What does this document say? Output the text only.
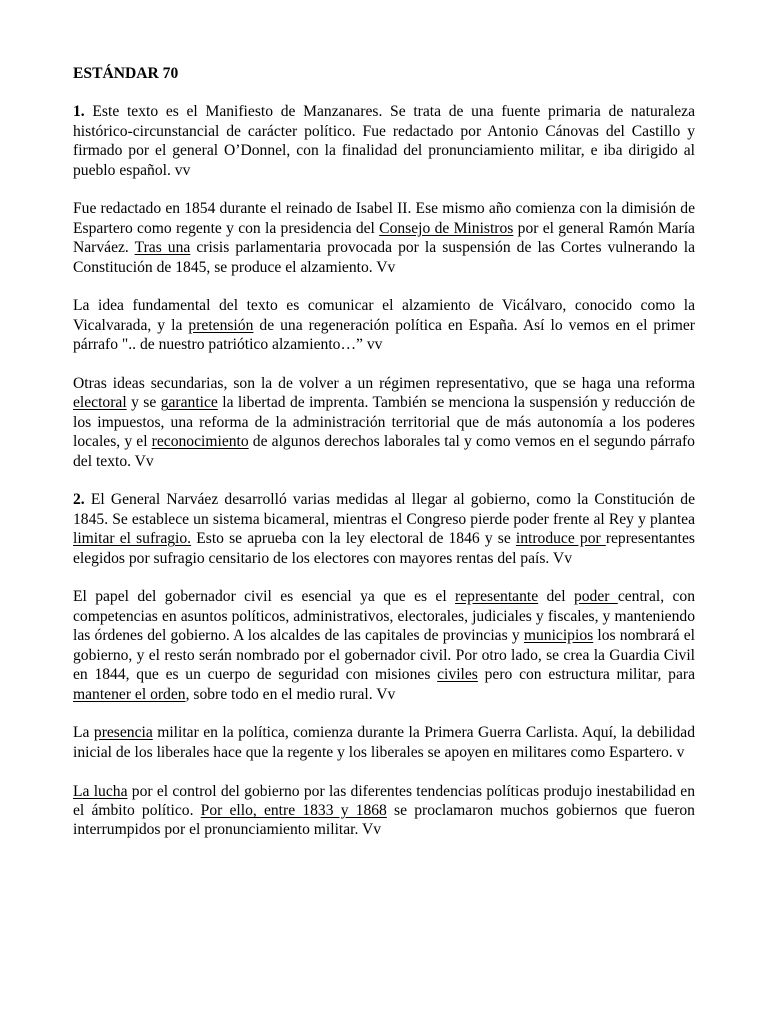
ESTÁNDAR 70

1. Este texto es el Manifiesto de Manzanares. Se trata de una fuente primaria de naturaleza histórico-circunstancial de carácter político. Fue redactado por Antonio Cánovas del Castillo y firmado por el general O’Donnel, con la finalidad del pronunciamiento militar, e iba dirigido al pueblo español. vv

Fue redactado en 1854 durante el reinado de Isabel II. Ese mismo año comienza con la dimisión de Espartero como regente y con la presidencia del Consejo de Ministros por el general Ramón María Narváez. Tras una crisis parlamentaria provocada por la suspensión de las Cortes vulnerando la Constitución de 1845, se produce el alzamiento. Vv

La idea fundamental del texto es comunicar el alzamiento de Vicálvaro, conocido como la Vicalvarada, y la pretensión de una regeneración política en España. Así lo vemos en el primer párrafo ".. de nuestro patriótico alzamiento…” vv

Otras ideas secundarias, son la de volver a un régimen representativo, que se haga una reforma electoral y se garantice la libertad de imprenta. También se menciona la suspensión y reducción de los impuestos, una reforma de la administración territorial que de más autonomía a los poderes locales, y el reconocimiento de algunos derechos laborales tal y como vemos en el segundo párrafo del texto. Vv

2. El General Narváez desarrolló varias medidas al llegar al gobierno, como la Constitución de 1845. Se establece un sistema bicameral, mientras el Congreso pierde poder frente al Rey y plantea limitar el sufragio. Esto se aprueba con la ley electoral de 1846 y se introduce por representantes elegidos por sufragio censitario de los electores con mayores rentas del país. Vv

El papel del gobernador civil es esencial ya que es el representante del poder central, con competencias en asuntos políticos, administrativos, electorales, judiciales y fiscales, y manteniendo las órdenes del gobierno. A los alcaldes de las capitales de provincias y municipios los nombrará el gobierno, y el resto serán nombrado por el gobernador civil. Por otro lado, se crea la Guardia Civil en 1844, que es un cuerpo de seguridad con misiones civiles pero con estructura militar, para mantener el orden, sobre todo en el medio rural. Vv

La presencia militar en la política, comienza durante la Primera Guerra Carlista. Aquí, la debilidad inicial de los liberales hace que la regente y los liberales se apoyen en militares como Espartero. v

La lucha por el control del gobierno por las diferentes tendencias políticas produjo inestabilidad en el ámbito político. Por ello, entre 1833 y 1868 se proclamaron muchos gobiernos que fueron interrumpidos por el pronunciamiento militar. Vv
